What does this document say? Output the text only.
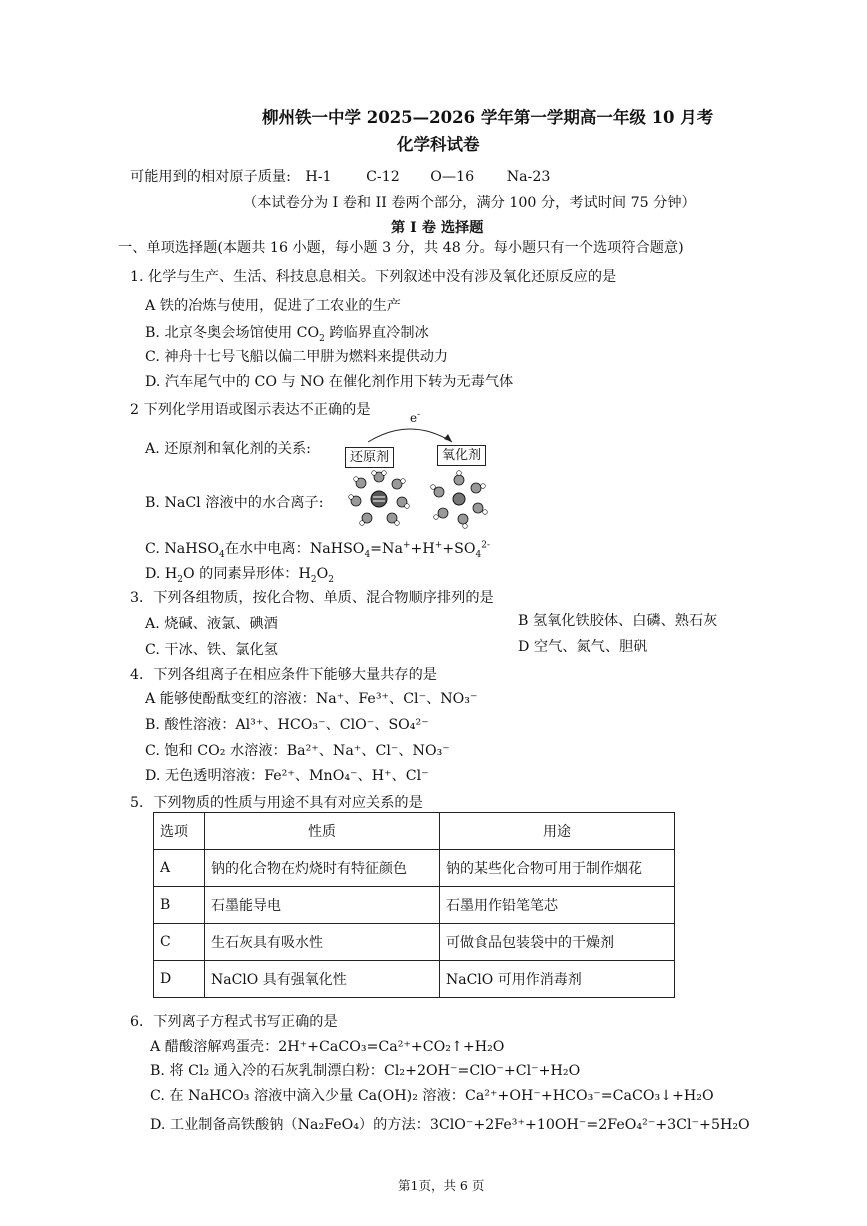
柳州铁一中学 2025—2026 学年第一学期高一年级 10 月考
化学科试卷
可能用到的相对原子质量: H-1 C-12 O—16 Na-23
（本试卷分为 I 卷和 II 卷两个部分，满分 100 分，考试时间 75 分钟）
第 I 卷 选择题
一、单项选择题(本题共 16 小题，每小题 3 分，共 48 分。每小题只有一个选项符合题意)
1. 化学与生产、生活、科技息息相关。下列叙述中没有涉及氧化还原反应的是
A 铁的冶炼与使用，促进了工农业的生产
B. 北京冬奥会场馆使用 $CO_2$ 跨临界直冷制冰
C. 神舟十七号飞船以偏二甲肼为燃料来提供动力
D. 汽车尾气中的 CO 与 NO 在催化剂作用下转为无毒气体
2 下列化学用语或图示表达不正确的是
A. 还原剂和氧化剂的关系:
e-
还原剂	氧化剂
B. NaCl 溶液中的水合离子:
C. NaHSO$_4$在水中电离：$NaHSO_4=Na^++H^++SO_4^{2-}$
D. $H_2O$ 的同素异形体：$H_2O_2$
3．下列各组物质，按化合物、单质、混合物顺序排列的是
A. 烧碱、液氯、碘酒	B 氢氧化铁胶体、白磷、熟石灰
C. 干冰、铁、氯化氢	D 空气、氮气、胆矾
4．下列各组离子在相应条件下能够大量共存的是
A 能够使酚酞变红的溶液：Na⁺、Fe³⁺、Cl⁻、NO₃⁻
B. 酸性溶液：Al³⁺、HCO₃⁻、ClO⁻、SO₄²⁻
C. 饱和 CO₂ 水溶液：Ba²⁺、Na⁺、Cl⁻、NO₃⁻
D. 无色透明溶液：Fe²⁺、MnO₄⁻、H⁺、Cl⁻
5．下列物质的性质与用途不具有对应关系的是
选项	性质	用途
A	钠的化合物在灼烧时有特征颜色	钠的某些化合物可用于制作烟花
B	石墨能导电	石墨用作铅笔笔芯
C	生石灰具有吸水性	可做食品包装袋中的干燥剂
D	NaClO 具有强氧化性	NaClO 可用作消毒剂
6．下列离子方程式书写正确的是
A 醋酸溶解鸡蛋壳：2H⁺+CaCO₃=Ca²⁺+CO₂↑+H₂O
B. 将 Cl₂ 通入冷的石灰乳制漂白粉：Cl₂+2OH⁻=ClO⁻+Cl⁻+H₂O
C. 在 NaHCO₃ 溶液中滴入少量 Ca(OH)₂ 溶液：Ca²⁺+OH⁻+HCO₃⁻=CaCO₃↓+H₂O
D. 工业制备高铁酸钠（Na₂FeO₄）的方法：3ClO⁻+2Fe³⁺+10OH⁻=2FeO₄²⁻+3Cl⁻+5H₂O
第1页，共 6 页
